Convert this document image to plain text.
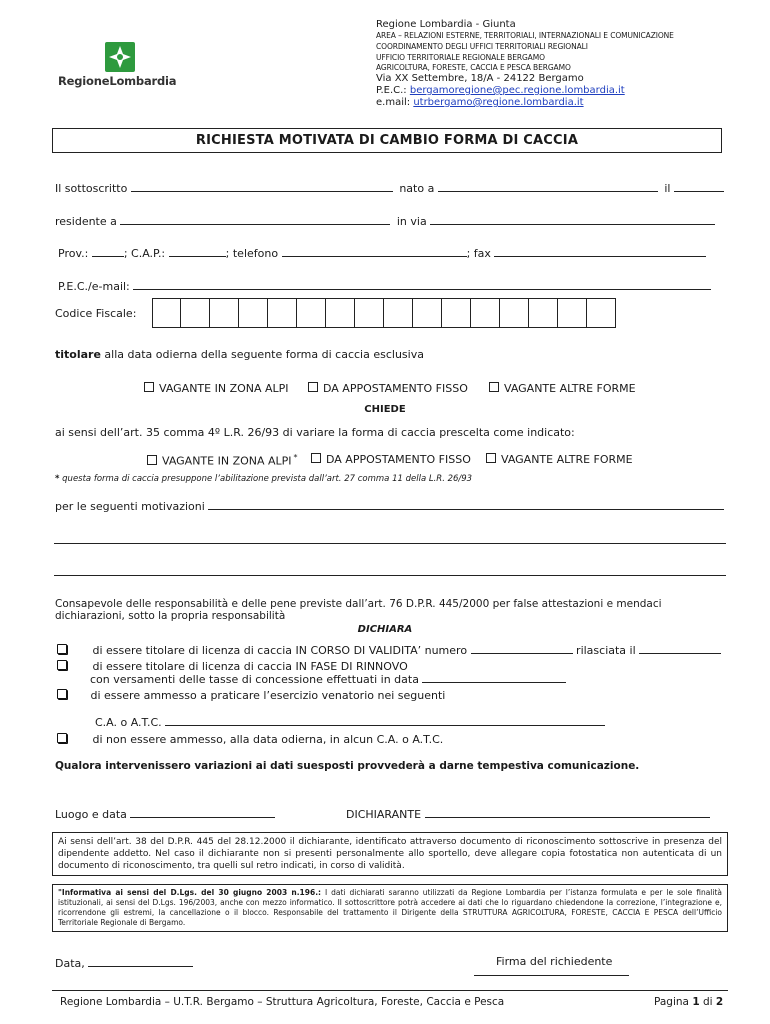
RegioneLombardia
Regione Lombardia - Giunta
AREA – RELAZIONI ESTERNE, TERRITORIALI, INTERNAZIONALI E COMUNICAZIONE
COORDINAMENTO DEGLI UFFICI TERRITORIALI REGIONALI
UFFICIO TERRITORIALE REGIONALE BERGAMO
AGRICOLTURA, FORESTE, CACCIA E PESCA BERGAMO
Via XX Settembre, 18/A - 24122 Bergamo
P.E.C.: bergamoregione@pec.regione.lombardia.it
e.mail: utrbergamo@regione.lombardia.it
RICHIESTA MOTIVATA DI CAMBIO FORMA DI CACCIA
Il sottoscritto	nato a	il
residente a	in via
Prov.:	; C.A.P.:	; telefono	; fax
P.E.C./e-mail:
Codice Fiscale:
titolare alla data odierna della seguente forma di caccia esclusiva
VAGANTE IN ZONA ALPI	DA APPOSTAMENTO FISSO	VAGANTE ALTRE FORME
CHIEDE
ai sensi dell’art. 35 comma 4º L.R. 26/93 di variare la forma di caccia prescelta come indicato:
VAGANTE IN ZONA ALPI *	DA APPOSTAMENTO FISSO	VAGANTE ALTRE FORME
* questa forma di caccia presuppone l’abilitazione prevista dall’art. 27 comma 11 della L.R. 26/93
per le seguenti motivazioni
Consapevole delle responsabilità e delle pene previste dall’art. 76 D.P.R. 445/2000 per false attestazioni e mendaci
dichiarazioni, sotto la propria responsabilità
DICHIARA
di essere titolare di licenza di caccia IN CORSO DI VALIDITA’ numero	rilasciata il
di essere titolare di licenza di caccia IN FASE DI RINNOVO
con versamenti delle tasse di concessione effettuati in data
di essere ammesso a praticare l’esercizio venatorio nei seguenti
C.A. o A.T.C.
di non essere ammesso, alla data odierna, in alcun C.A. o A.T.C.
Qualora intervenissero variazioni ai dati suesposti provvederà a darne tempestiva comunicazione.
Luogo e data	DICHIARANTE
Ai sensi dell’art. 38 del D.P.R. 445 del 28.12.2000 il dichiarante, identificato attraverso documento di riconoscimento sottoscrive in presenza del dipendente addetto. Nel caso il dichiarante non si presenti personalmente allo sportello, deve allegare copia fotostatica non autenticata di un documento di riconoscimento, tra quelli sul retro indicati, in corso di validità.
"Informativa ai sensi del D.Lgs. del 30 giugno 2003 n.196.: I dati dichiarati saranno utilizzati da Regione Lombardia per l’istanza formulata e per le sole finalità istituzionali, ai sensi del D.Lgs. 196/2003, anche con mezzo informatico. Il sottoscrittore potrà accedere ai dati che lo riguardano chiedendone la correzione, l’integrazione e, ricorrendone gli estremi, la cancellazione o il blocco. Responsabile del trattamento il Dirigente della STRUTTURA AGRICOLTURA, FORESTE, CACCIA E PESCA dell’Ufficio Territoriale Regionale di Bergamo.
Data,	Firma del richiedente
Regione Lombardia – U.T.R. Bergamo – Struttura Agricoltura, Foreste, Caccia e Pesca	Pagina 1 di 2
